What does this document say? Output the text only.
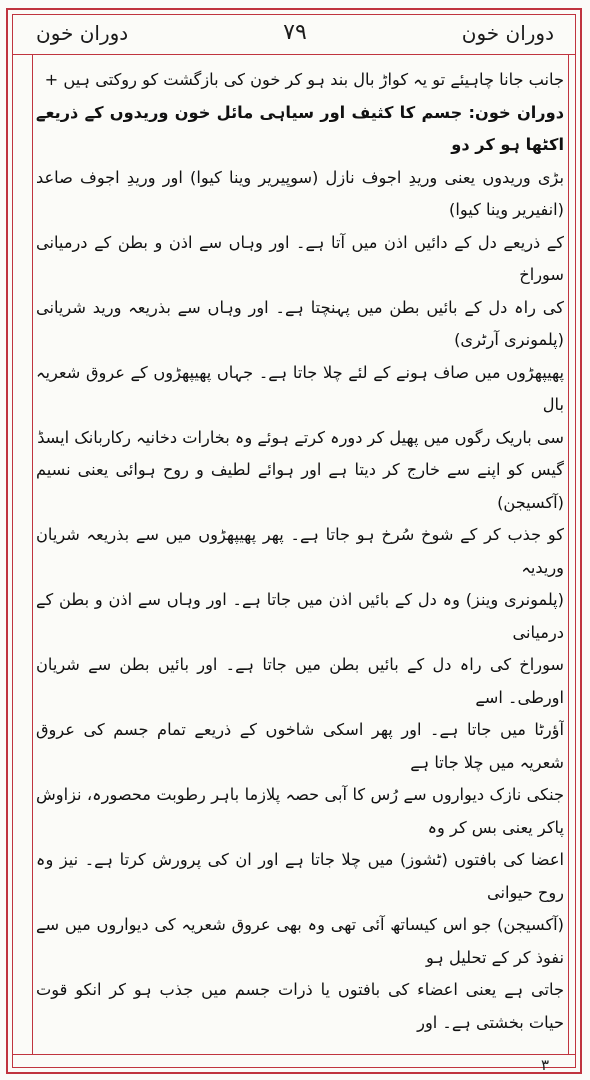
دوران خون	٧٩	دوران خون

جانب جانا چاہیئے تو یہ کواڑ بال بند ہو کر خون کی بازگشت کو روکتی ہیں +

دوران خون: جسم کا کثیف اور سیاہی مائل خون وریدوں کے ذریعے اکٹھا ہو کر دو

بڑی وریدوں یعنی وریدِ اجوف نازل (سوپیریر وینا کیوا) اور وریدِ اجوف صاعد (انفیریر وینا کیوا)

کے ذریعے دل کے دائیں اذن میں آتا ہے۔ اور وہاں سے اذن و بطن کے درمیانی سوراخ

کی راہ دل کے بائیں بطن میں پہنچتا ہے۔ اور وہاں سے بذریعہ ورید شریانی (پلمونری آرٹری)

پھیپھڑوں میں صاف ہونے کے لئے چلا جاتا ہے۔ جہاں پھیپھڑوں کے عروق شعریہ بال

سی باریک رگوں میں پھیل کر دورہ کرتے ہوئے وہ بخارات دخانیہ رکاربانک ایسڈ

گیس کو اپنے سے خارج کر دیتا ہے اور ہوائے لطیف و روح ہوائی یعنی نسیم (آکسیجن)

کو جذب کر کے شوخ سُرخ ہو جاتا ہے۔ پھر پھیپھڑوں میں سے بذریعہ شریان وریدیہ

(پلمونری وینز) وہ دل کے بائیں اذن میں جاتا ہے۔ اور وہاں سے اذن و بطن کے درمیانی

سوراخ کی راہ دل کے بائیں بطن میں جاتا ہے۔ اور بائیں بطن سے شریان اورطی۔ اسے

آؤرٹا میں جاتا ہے۔ اور پھر اسکی شاخوں کے ذریعے تمام جسم کی عروق شعریہ میں چلا جاتا ہے

جنکی نازک دیواروں سے رُس کا آبی حصہ پلازما باہر رطوبت محصورہ، نزاوش پاکر یعنی بس کر وہ

اعضا کی بافتوں (ٹشوز) میں چلا جاتا ہے اور ان کی پرورش کرتا ہے۔ نیز وہ روح حیوانی

(آکسیجن) جو اس کیساتھ آئی تھی وہ بھی عروق شعریہ کی دیواروں میں سے نفوذ کر کے تحلیل ہو

جاتی ہے یعنی اعضاء کی بافتوں یا ذرات جسم میں جذب ہو کر انکو قوت حیات بخشتی ہے۔ اور

٣
